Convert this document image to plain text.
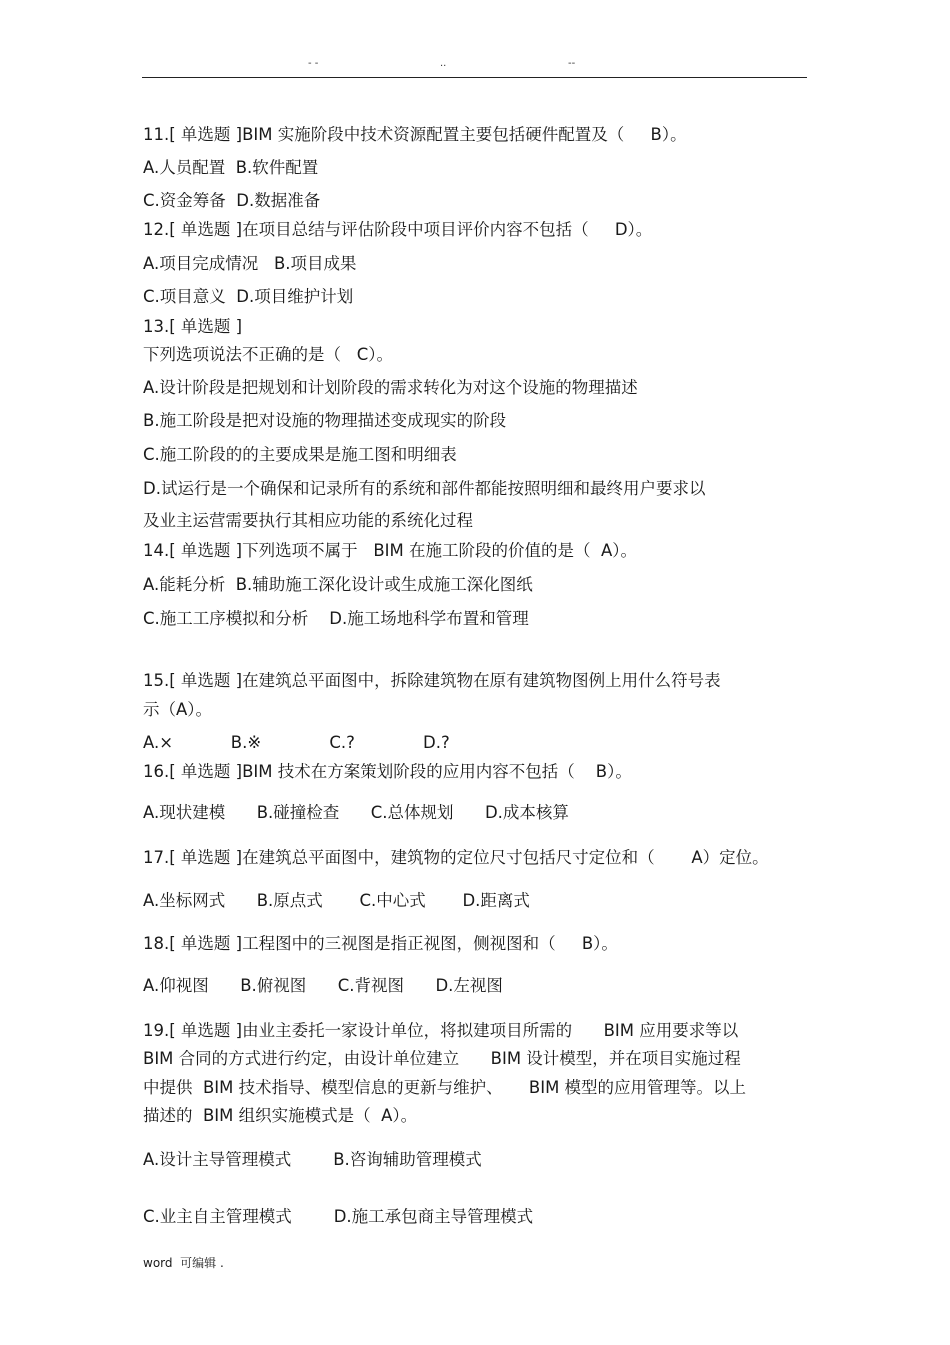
- -	..	--
11.[ 单选题 ]BIM 实施阶段中技术资源配置主要包括硬件配置及（     B）。
A.人员配置  B.软件配置
C.资金筹备  D.数据准备
12.[ 单选题 ]在项目总结与评估阶段中项目评价内容不包括（     D）。
A.项目完成情况   B.项目成果
C.项目意义  D.项目维护计划
13.[ 单选题 ]
下列选项说法不正确的是（   C）。
A.设计阶段是把规划和计划阶段的需求转化为对这个设施的物理描述
B.施工阶段是把对设施的物理描述变成现实的阶段
C.施工阶段的的主要成果是施工图和明细表
D.试运行是一个确保和记录所有的系统和部件都能按照明细和最终用户要求以
及业主运营需要执行其相应功能的系统化过程
14.[ 单选题 ]下列选项不属于   BIM 在施工阶段的价值的是（  A）。
A.能耗分析  B.辅助施工深化设计或生成施工深化图纸
C.施工工序模拟和分析    D.施工场地科学布置和管理
15.[ 单选题 ]在建筑总平面图中，拆除建筑物在原有建筑物图例上用什么符号表
示（A）。
A.×           B.※             C.?             D.?
16.[ 单选题 ]BIM 技术在方案策划阶段的应用内容不包括（    B）。
A.现状建模      B.碰撞检查      C.总体规划      D.成本核算
17.[ 单选题 ]在建筑总平面图中，建筑物的定位尺寸包括尺寸定位和（       A）定位。
A.坐标网式      B.原点式       C.中心式       D.距离式
18.[ 单选题 ]工程图中的三视图是指正视图，侧视图和（     B）。
A.仰视图      B.俯视图      C.背视图      D.左视图
19.[ 单选题 ]由业主委托一家设计单位，将拟建项目所需的      BIM 应用要求等以
BIM 合同的方式进行约定，由设计单位建立      BIM 设计模型，并在项目实施过程
中提供  BIM 技术指导、模型信息的更新与维护、     BIM 模型的应用管理等。以上
描述的  BIM 组织实施模式是（  A）。
A.设计主导管理模式        B.咨询辅助管理模式
C.业主自主管理模式        D.施工承包商主导管理模式
word  可编辑 .
